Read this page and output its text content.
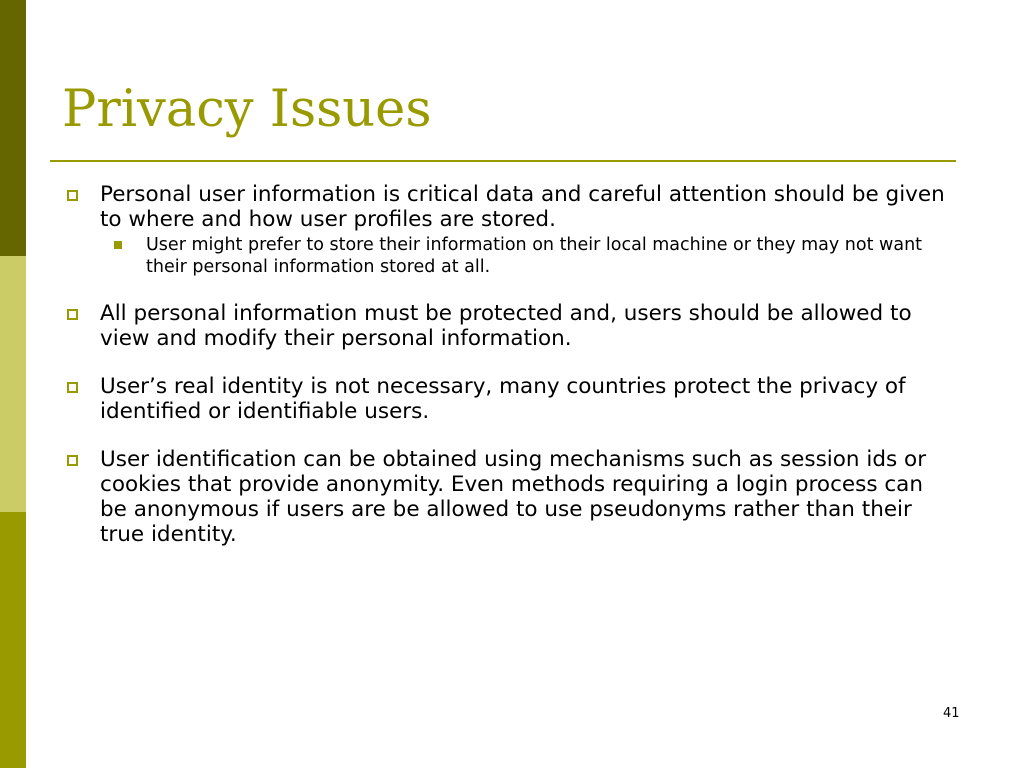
Privacy Issues
Personal user information is critical data and careful attention should be given to where and how user profiles are stored.
User might prefer to store their information on their local machine or they may not want their personal information stored at all.
All personal information must be protected and, users should be allowed to view and modify their personal information.
User’s real identity is not necessary, many countries protect the privacy of identified or identifiable users.
User identification can be obtained using mechanisms such as session ids or cookies that provide anonymity. Even methods requiring a login process can be anonymous if users are be allowed to use pseudonyms rather than their true identity.
41
